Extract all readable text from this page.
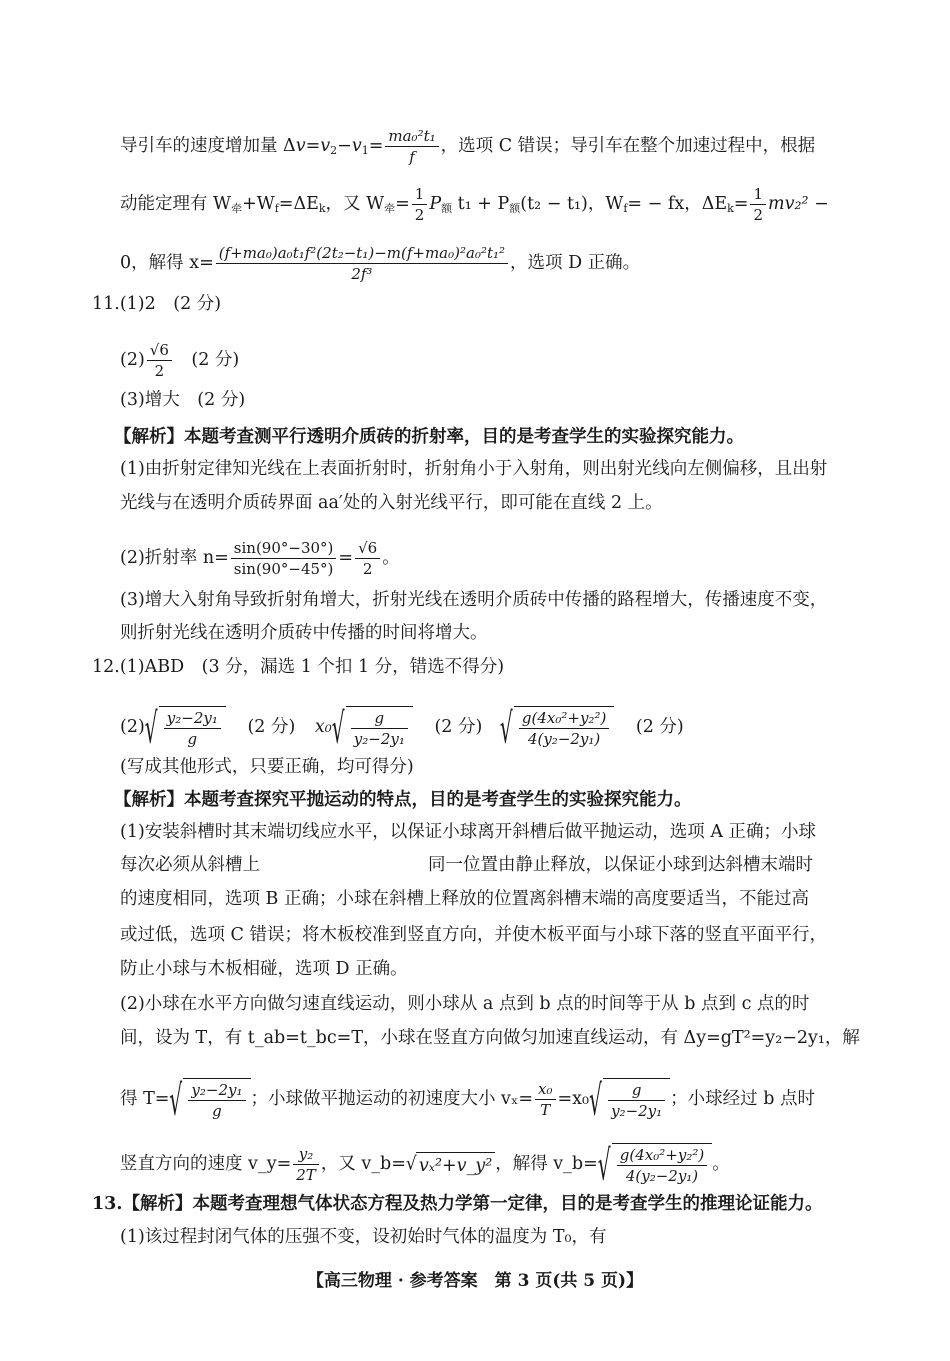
导引车的速度增加量 $\Delta v=v_2-v_1= \frac{\text{ma₀²t₁}}{f}$ ，选项 C 错误；导引车在整个加速过程中，根据
动能定理有 $W_牵+W_f=\Delta E_k$，又 $W_牵= \frac{1}{2} P_额$ $t_1 + P_额(t_2 - t_1)$，$W_f=$ − fx，$\Delta E_k= \frac{1}{2} mv_2^2$ −
0，解得 $x= \frac{\text{(f+ma₀)a₀t₁f²(2t₂−t₁)−m(f+ma₀)²a₀²t₁²}}{\text{2f³}}$ ，选项 D 正确。
11.(1)2　(2 分)
$(2) \frac{√6}{2}$ 　(2 分)
(3)增大　(2 分)
【解析】本题考查测平行透明介质砖的折射率，目的是考查学生的实验探究能力。
(1)由折射定律知光线在上表面折射时，折射角小于入射角，则出射光线向左侧偏移，且出射
光线与在透明介质砖界面 aa′处的入射光线平行，即可能在直线 2 上。
(2)折射率 $n= \frac{\sin(90^\circ-30^\circ)}{\sin(90^\circ-45^\circ)} = \frac{√6}{2}$ 。
(3)增大入射角导致折射角增大，折射光线在透明介质砖中传播的路程增大，传播速度不变，
则折射光线在透明介质砖中传播的时间将增大。
12.(1)ABD　(3 分，漏选 1 个扣 1 分，错选不得分)
(2) √ $\frac{\text{y₂−2y₁}}{g} (2$ 分) x₀ √ $\frac{g}{\text{y₂−2y₁}} (2$ 分) √ $\frac{\text{g(4x₀²+y₂²)}}{\text{4(y₂−2y₁)}} (2$ 分)
(写成其他形式，只要正确，均可得分)
【解析】本题考查探究平抛运动的特点，目的是考查学生的实验探究能力。
(1)安装斜槽时其末端切线应水平，以保证小球离开斜槽后做平抛运动，选项 A 正确；小球
每次必须从斜槽上	同一位置由静止释放，以保证小球到达斜槽末端时
的速度相同，选项 B 正确；小球在斜槽上释放的位置离斜槽末端的高度要适当，不能过高
或过低，选项 C 错误；将木板校准到竖直方向，并使木板平面与小球下落的竖直平面平行，
防止小球与木板相碰，选项 D 正确。
(2)小球在水平方向做匀速直线运动，则小球从 a 点到 b 点的时间等于从 b 点到 c 点的时
间，设为 T，有 t_ab=t_bc=T，小球在竖直方向做匀加速直线运动，有 Δy=gT²=y₂−2y₁，解
得 T= √ $\frac{\text{y₂−2y₁}}{g}$ ；小球做平抛运动的初速度大小 $v_x= \frac{\text{x₀}}{T} =x_0$ √ $\frac{g}{\text{y₂−2y₁}}$ ；小球经过 b 点时
竖直方向的速度 v_y= $\frac{\text{y₂}}{2T}$ ，又 v_b= √ vₓ²+v_y² ，解得 v_b= √ $\frac{\text{g(4x₀²+y₂²)}}{\text{4(y₂−2y₁)}}$ 。
13.【解析】本题考查理想气体状态方程及热力学第一定律，目的是考查学生的推理论证能力。
(1)该过程封闭气体的压强不变，设初始时气体的温度为 T₀，有
【高三物理 · 参考答案　第 3 页(共 5 页)】
